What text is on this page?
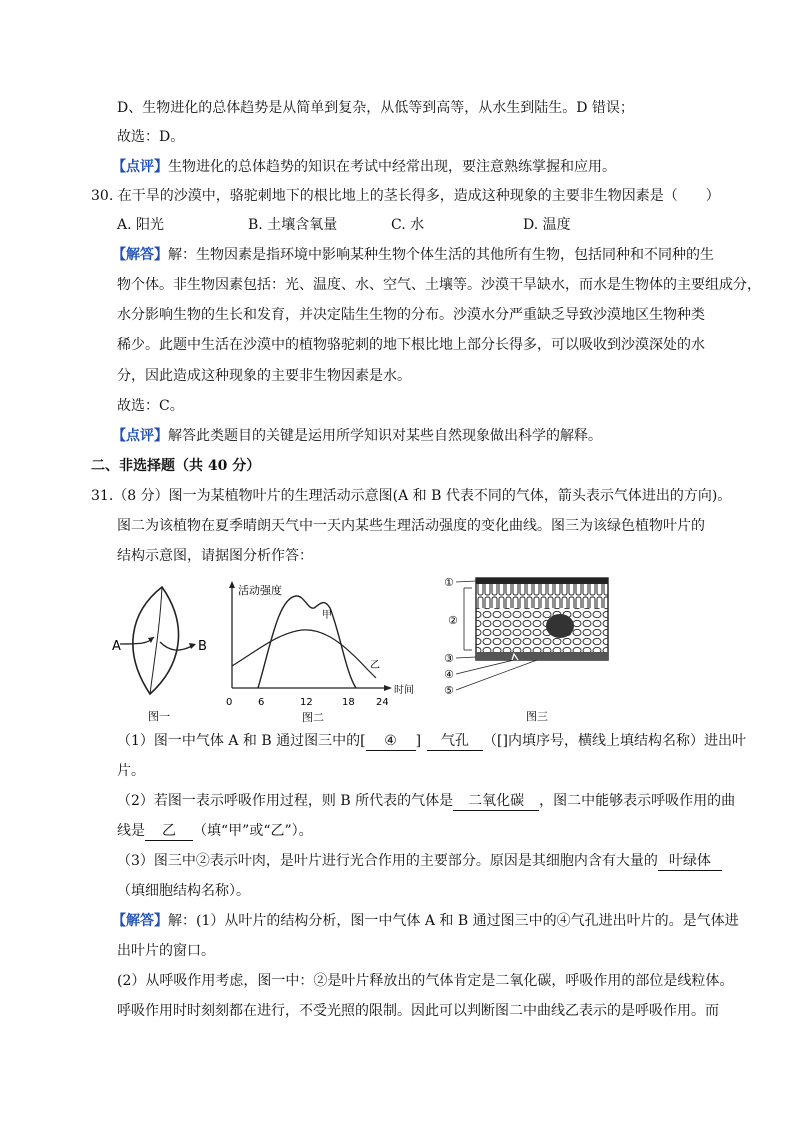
D、生物进化的总体趋势是从简单到复杂，从低等到高等，从水生到陆生。D 错误；
故选：D。
【点评】生物进化的总体趋势的知识在考试中经常出现，要注意熟练掌握和应用。
30. 在干旱的沙漠中，骆驼刺地下的根比地上的茎长得多，造成这种现象的主要非生物因素是（　　）
A. 阳光	B. 土壤含氧量	C. 水	D. 温度
【解答】解：生物因素是指环境中影响某种生物个体生活的其他所有生物，包括同种和不同种的生
物个体。非生物因素包括：光、温度、水、空气、土壤等。沙漠干旱缺水，而水是生物体的主要组成分，
水分影响生物的生长和发育，并决定陆生生物的分布。沙漠水分严重缺乏导致沙漠地区生物种类
稀少。此题中生活在沙漠中的植物骆驼刺的地下根比地上部分长得多，可以吸收到沙漠深处的水
分，因此造成这种现象的主要非生物因素是水。
故选：C。
【点评】解答此类题目的关键是运用所学知识对某些自然现象做出科学的解释。
二、非选择题（共 40 分）
31.（8 分）图一为某植物叶片的生理活动示意图(A 和 B 代表不同的气体，箭头表示气体进出的方向)。
图二为该植物在夏季晴朗天气中一天内某些生理活动强度的变化曲线。图三为该绿色植物叶片的
结构示意图，请据图分析作答：
A	B
图一
活动强度
时间
甲
乙
0	6	12	18 24
图二
①
②
③
④
⑤
图三
（1）图一中气体 A 和 B 通过图三中的[ ④ ] 气孔 （[]内填序号，横线上填结构名称）进出叶
片。
（2）若图一表示呼吸作用过程，则 B 所代表的气体是 二氧化碳 ，图二中能够表示呼吸作用的曲
线是 乙 （填“甲”或“乙”）。
（3）图三中②表示叶肉，是叶片进行光合作用的主要部分。原因是其细胞内含有大量的 叶绿体
（填细胞结构名称）。
【解答】解：(1）从叶片的结构分析，图一中气体 A 和 B 通过图三中的④气孔进出叶片的。是气体进
出叶片的窗口。
(2）从呼吸作用考虑，图一中：②是叶片释放出的气体肯定是二氧化碳，呼吸作用的部位是线粒体。
呼吸作用时时刻刻都在进行，不受光照的限制。因此可以判断图二中曲线乙表示的是呼吸作用。而
